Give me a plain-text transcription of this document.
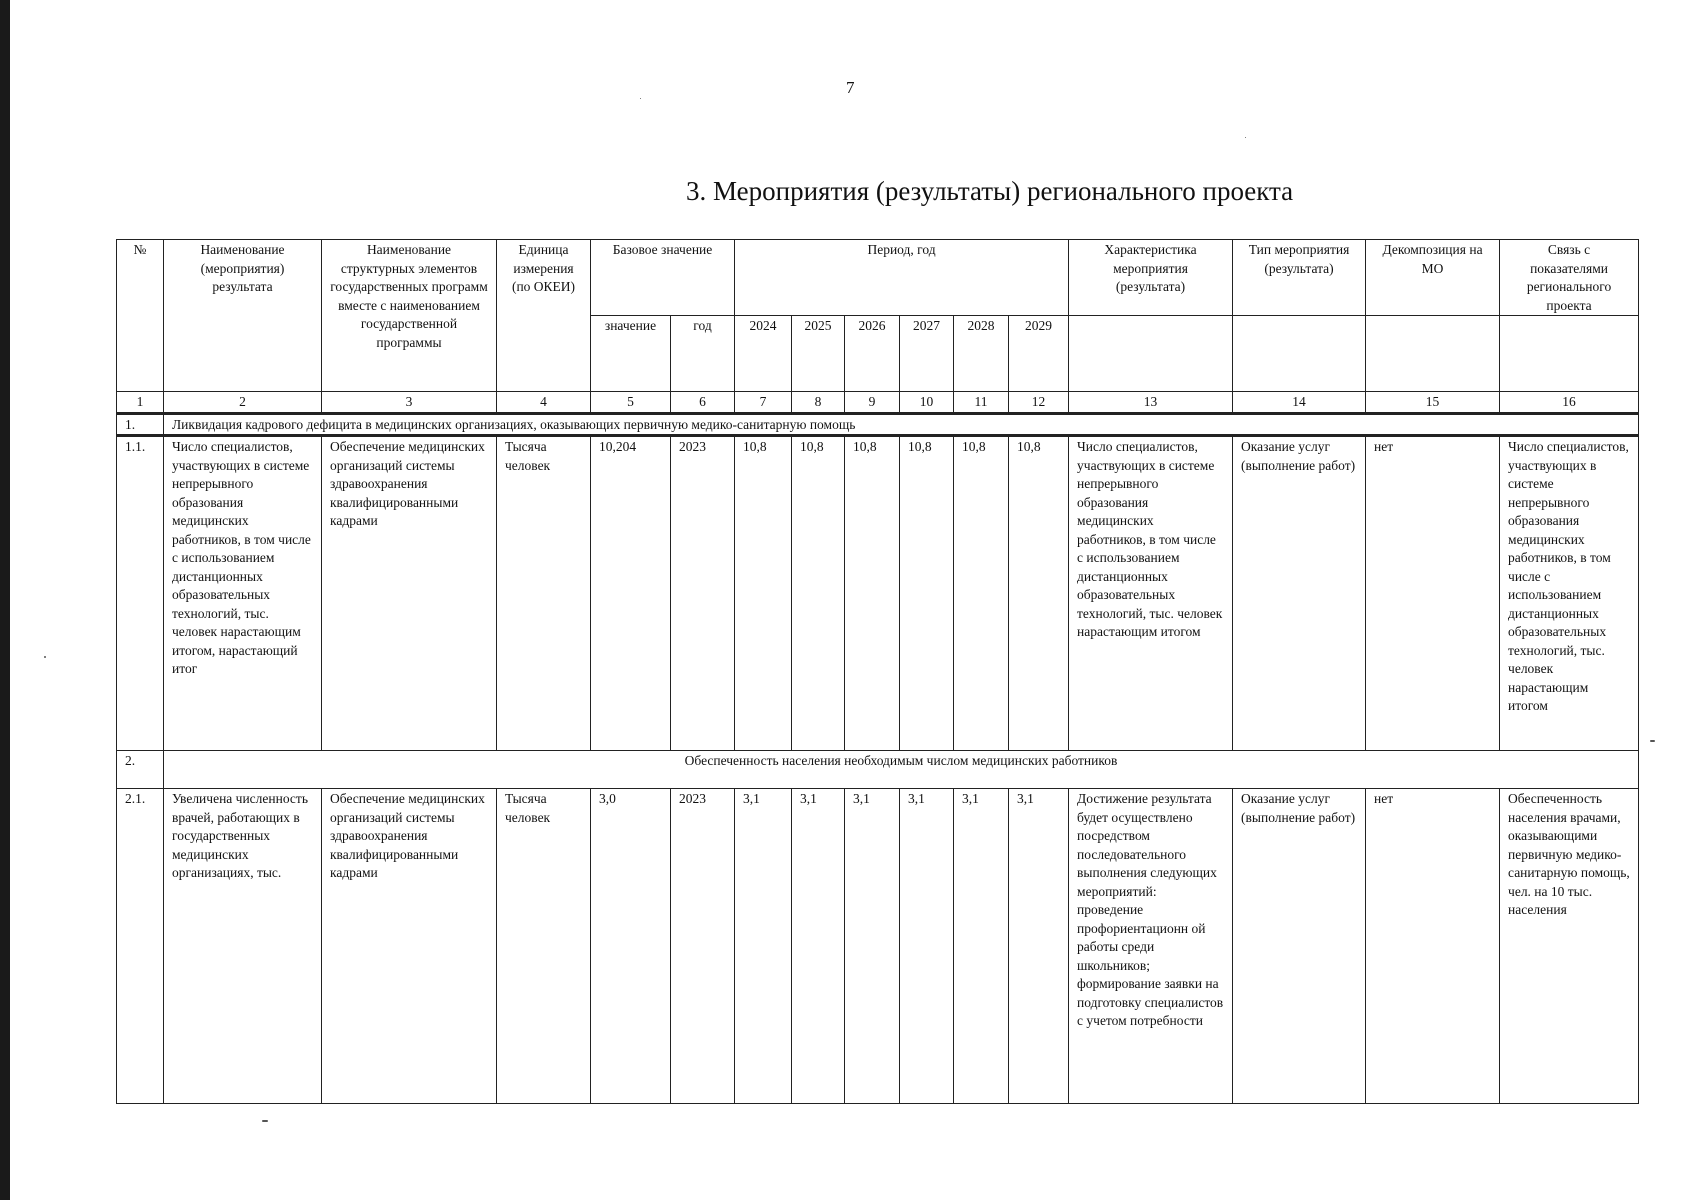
7
3. Мероприятия (результаты) регионального проекта
№	Наименование (мероприятия) результата	Наименование структурных элементов государственных программ вместе с наименованием государственной программы	Единица измерения (по ОКЕИ)	Базовое значение		Период, год						Характеристика мероприятия (результата)	Тип мероприятия (результата)	Декомпозиция на МО	Связь с показателями регионального проекта
				значение	год	2024	2025	2026	2027	2028	2029				
1	2	3	4	5	6	7	8	9	10	11	12	13	14	15	16
1.	Ликвидация кадрового дефицита в медицинских организациях, оказывающих первичную медико-санитарную помощь														
1.1.	Число специалистов, участвующих в системе непрерывного образования медицинских работников, в том числе с использованием дистанционных образовательных технологий, тыс. человек нарастающим итогом, нарастающий итог	Обеспечение медицинских организаций системы здравоохранения квалифицированными кадрами	Тысяча человек	10,204	2023	10,8	10,8	10,8	10,8	10,8	10,8	Число специалистов, участвующих в системе непрерывного образования медицинских работников, в том числе с использованием дистанционных образовательных технологий, тыс. человек нарастающим итогом	Оказание услуг (выполнение работ)	нет	Число специалистов, участвующих в системе непрерывного образования медицинских работников, в том числе с использованием дистанционных образовательных технологий, тыс. человек нарастающим итогом
2.	Обеспеченность населения необходимым числом медицинских работников														
2.1.	Увеличена численность врачей, работающих в государственных медицинских организациях, тыс.	Обеспечение медицинских организаций системы здравоохранения квалифицированными кадрами	Тысяча человек	3,0	2023	3,1	3,1	3,1	3,1	3,1	3,1	Достижение результата будет осуществлено посредством последовательного выполнения следующих мероприятий: проведение профориентационн ой работы среди школьников; формирование заявки на подготовку специалистов с учетом потребности	Оказание услуг (выполнение работ)	нет	Обеспеченность населения врачами, оказывающими первичную медико-санитарную помощь, чел. на 10 тыс. населения
